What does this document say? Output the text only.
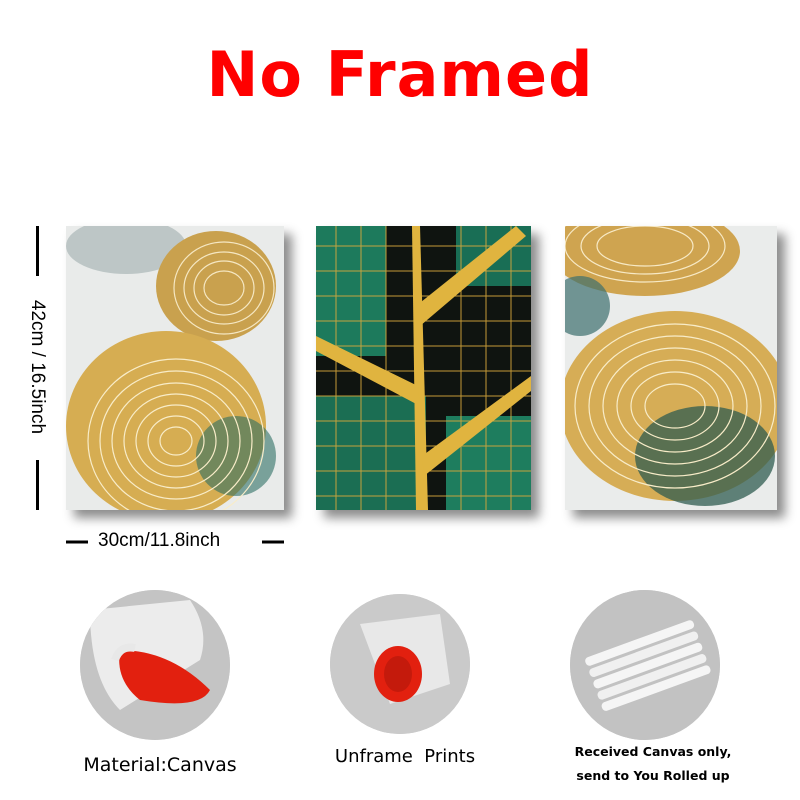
No Framed
42cm / 16.5inch
30cm/11.8inch
Material:Canvas	Unframe  Prints	Received Canvas only,
send to You Rolled up
